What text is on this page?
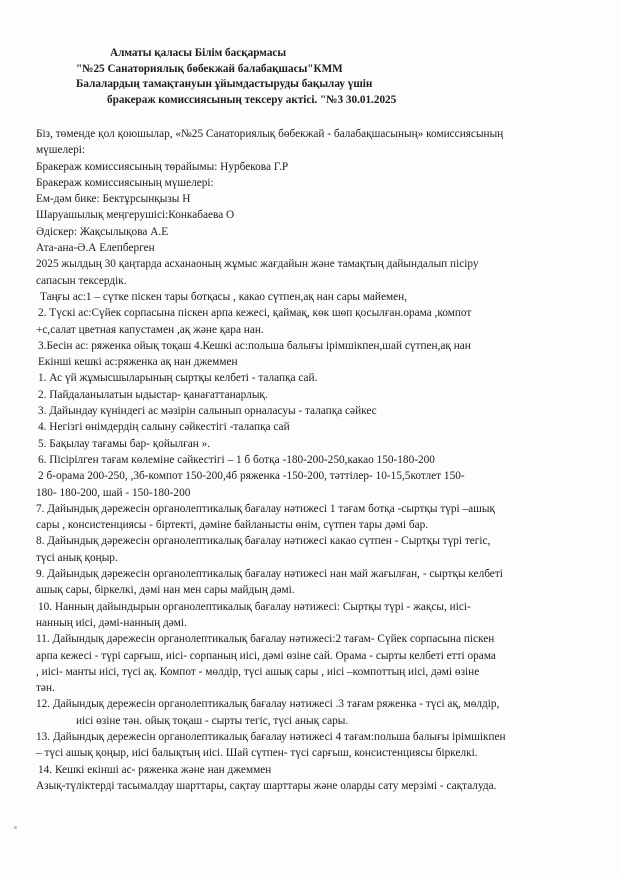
Алматы қаласы Білім басқармасы
"№25 Санаториялық бөбекжай балабақшасы"КММ
Балалардың тамақтануын ұйымдастыруды бақылау үшін
бракераж комиссиясының тексеру актісі. "№3 30.01.2025

Біз, төменде қол қоюшылар, «№25 Санаториялық бөбекжай - балабақшасының» комиссиясының

мүшелері:

Бракераж комиссиясының төрайымы: Нурбекова Г.Р

Бракераж комиссиясының мүшелері:

Ем-дәм бике: Бектұрсынқызы Н

Шаруашылық меңгерушісі:Конкабаева О

Әдіскер: Жақсылықова А.Е

Ата-ана-Ә.А Елепберген

2025 жылдың 30 қаңтарда асханаоның жұмыс жағдайын және тамақтың дайындалып пісіру

сапасын тексердік.

Таңғы ас:1 – сүтке піскен тары ботқасы , какао сүтпен,ақ нан сары майемен,

2. Түскі ас:Сүйек сорпасына піскен арпа кежесі, қаймақ, көк шөп қосылған.орама ,компот

+с,салат цветная капустамен ,ақ және қара нан.

3.Бесін ас: ряженка ойық тоқаш 4.Кешкі ас:польша балығы ірімшікпен,шай сүтпен,ақ нан

Екінші кешкі ас:ряженка ақ нан джеммен

1. Ас үй жұмысшыларының сыртқы келбеті - талапқа сай.

2. Пайдаланылатын ыдыстар- қанағаттанарлық.

3. Дайындау күніндегі ас мәзірін салынып орналасуы - талапқа сәйкес

4. Негізгі өнімдердің салыну сәйкестігі -талапқа сай

5. Бақылау тағамы бар- қойылған ».

6. Пісірілген тағам көлеміне сәйкестігі – 1 б ботқа -180-200-250,какао 150-180-200

2 б-орама 200-250, ,3б-компот 150-200,4б ряженка -150-200, тәттілер- 10-15,5котлет 150-

180- 180-200, шай - 150-180-200

7. Дайындық дәрежесін органолептикалық бағалау нәтижесі 1 тағам ботқа -сыртқы түрі –ашық

сары , консистенциясы - біртекті, дәміне байланысты өнім, сүтпен тары дәмі бар.

8. Дайындық дәрежесін органолептикалық бағалау нәтижесі какао сүтпен - Сыртқы түрі тегіс,

түсі анық қоңыр.

9. Дайындық дәрежесін органолептикалық бағалау нәтижесі нан май жағылған, - сыртқы келбеті

ашық сары, біркелкі, дәмі нан мен сары майдың дәмі.

10. Нанның дайындырын органолептикалық бағалау нәтижесі: Сыртқы түрі - жақсы, иісі-

нанның иісі, дәмі-нанның дәмі.

11. Дайындық дәрежесін органолептикалық бағалау нәтижесі:2 тағам- Сүйек сорпасына піскен

арпа кежесі - түрі сарғыш, иісі- сорпаның иісі, дәмі өзіне сай. Орама - сырты келбеті етті орама

, иісі- манты иісі, түсі ақ. Компот - мөлдір, түсі ашық сары , иісі –компоттың иісі, дәмі өзіне

тән.

12. Дайындық дережесін органолептикалық бағалау нәтижесі .3 тағам ряженка - түсі ақ, мөлдір,

иісі өзіне тән. ойық тоқаш - сырты тегіс, түсі анық сары.

13. Дайындық дережесін органолептикалық бағалау нәтижесі 4 тағам:польша балығы ірімшікпен

– түсі ашық қоңыр, иісі балықтың иісі. Шай сүтпен- түсі сарғыш, консистенциясы біркелкі.

14. Кешкі екінші ас- ряженка және нан джеммен

Азық-түліктерді тасымалдау шарттары, сақтау шарттары және оларды сату мерзімі - сақталуда.
